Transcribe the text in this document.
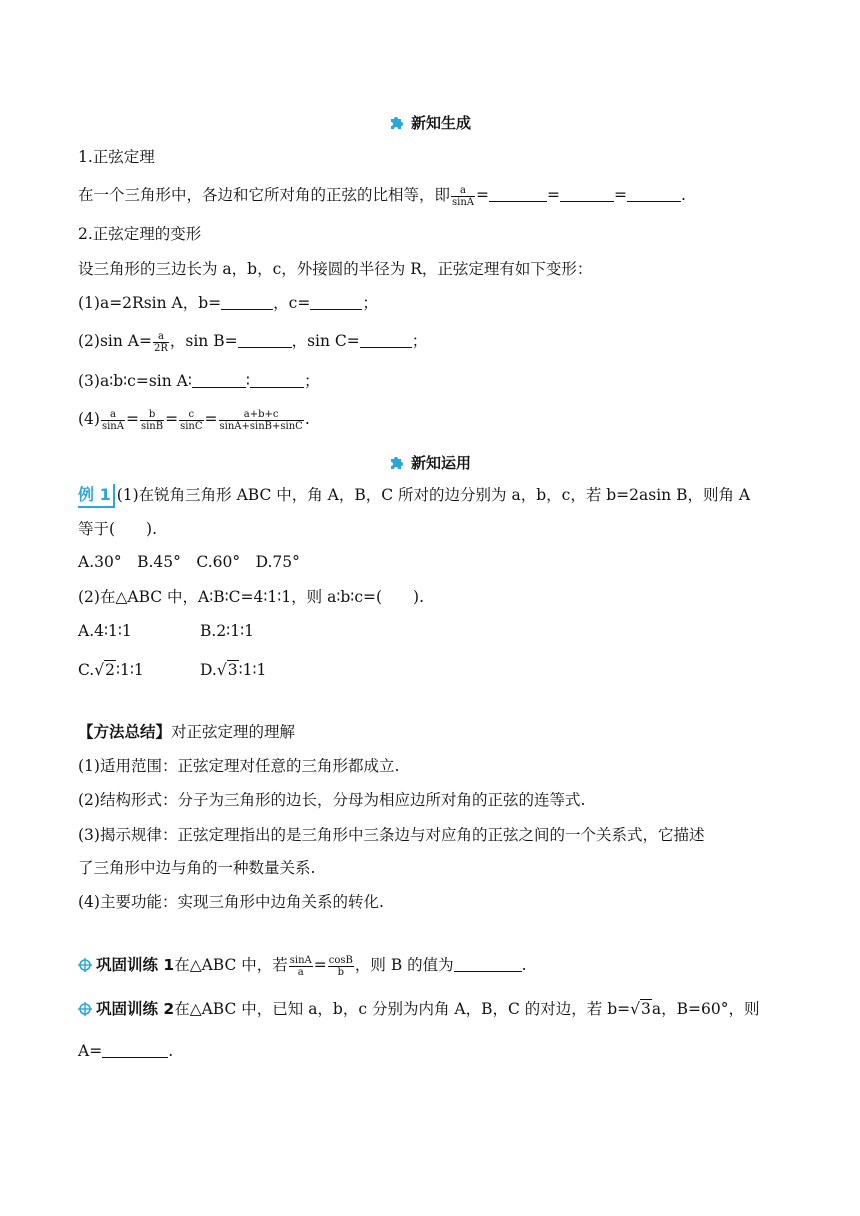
新知生成
1.正弦定理
在一个三角形中，各边和它所对角的正弦的比相等，即 $\frac{a}{\sin A}$ =	=	=	.
2.正弦定理的变形
设三角形的三边长为 a，b，c，外接圆的半径为 R，正弦定理有如下变形：
(1)a=2Rsin A，b=	，c=	；
(2)sin $A= \frac{a}{2R}$ ，sin B=	，sin C=	；
(3)a∶b∶c=sin A∶	∶	；
$(4) \frac{a}{\sin A} = \frac{b}{\sin B} = \frac{c}{\sin C} = \frac{a+b+c}{\sin A+\sin B+\sin C}$ .
新知运用
例 1 (1)在锐角三角形 ABC 中，角 A，B，C 所对的边分别为 a，b，c，若 b=2asin B，则角 A
等于(　　).
A.30°　B.45°　C.60°　D.75°
(2)在△ABC 中，A∶B∶C=4∶1∶1，则 a∶b∶c=(　　).
A.4∶1∶1	B.2∶1∶1
C.√2∶1∶1	D.√3∶1∶1
【方法总结】对正弦定理的理解
(1)适用范围：正弦定理对任意的三角形都成立.
(2)结构形式：分子为三角形的边长，分母为相应边所对角的正弦的连等式.
(3)揭示规律：正弦定理指出的是三角形中三条边与对应角的正弦之间的一个关系式，它描述
了三角形中边与角的一种数量关系.
(4)主要功能：实现三角形中边角关系的转化.
巩固训练 1在△ABC 中，若 $\frac{\sin A}{a} = \frac{\cos B}{b}$ ，则 B 的值为	.
巩固训练 2在△ABC 中，已知 a，b，c 分别为内角 A，B，C 的对边，若 b=√3a，B=60°，则
A=	.
